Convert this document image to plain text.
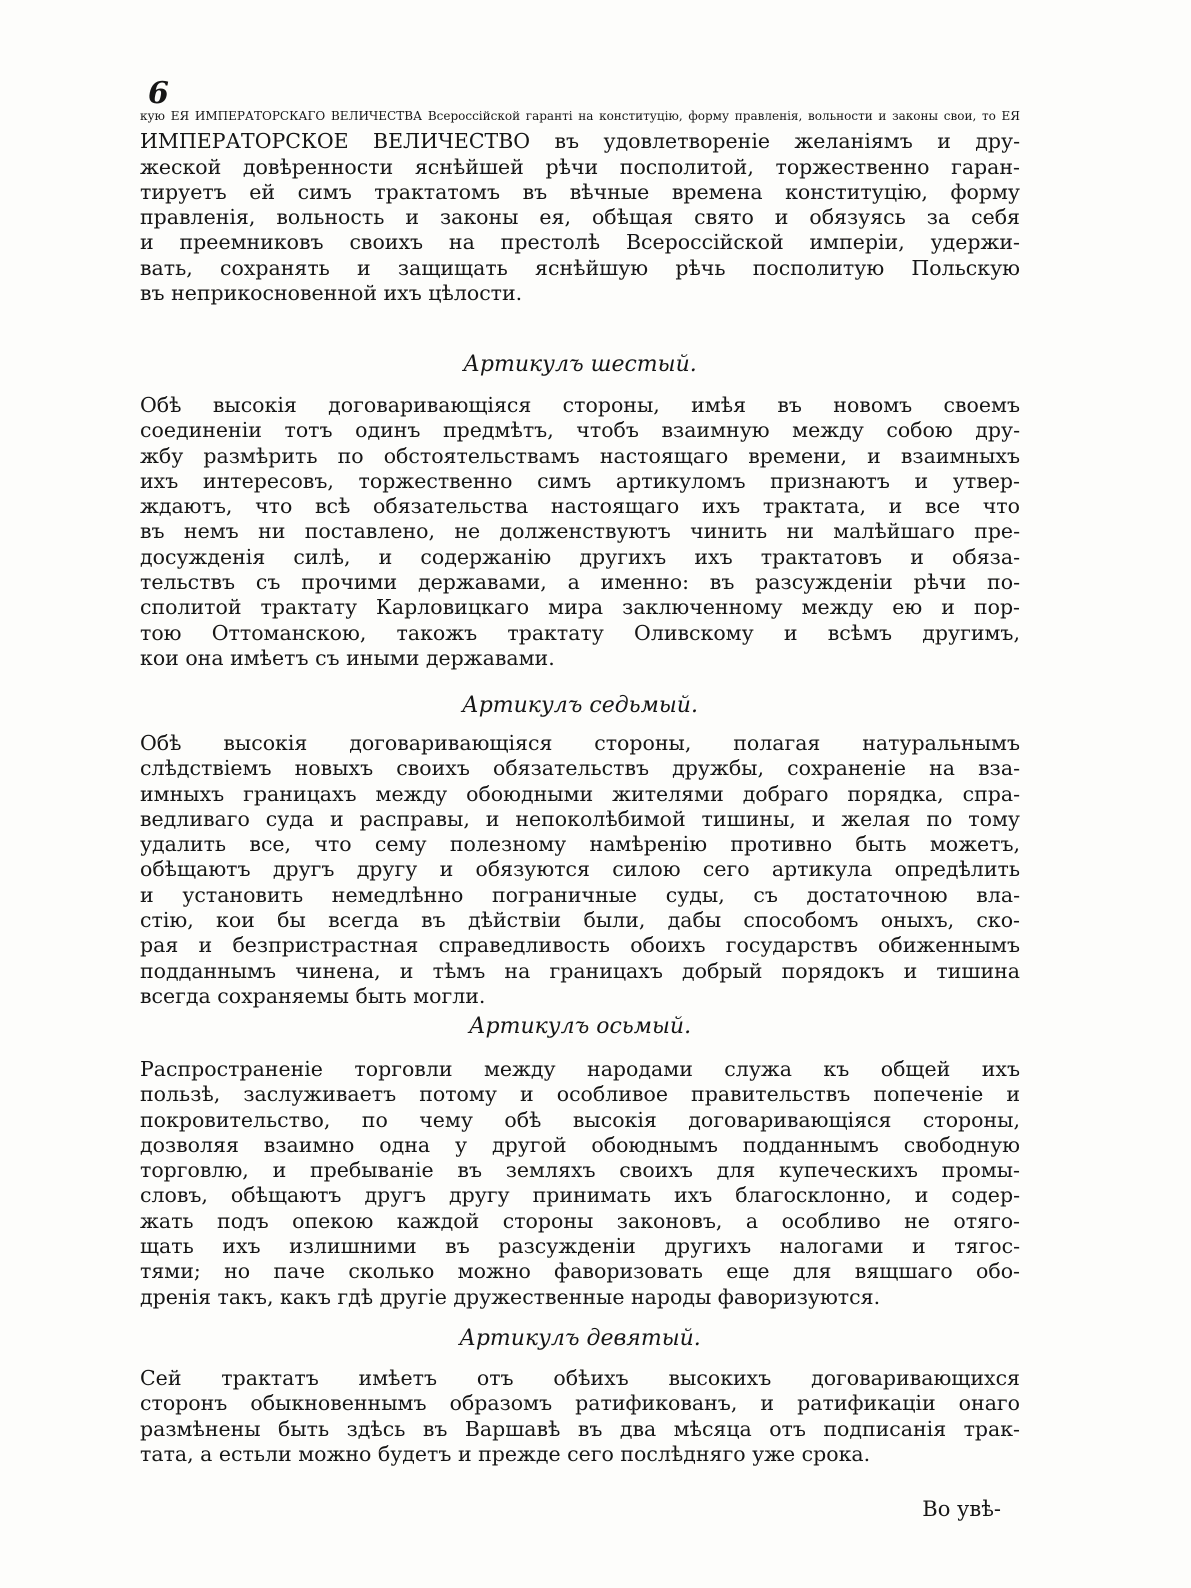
6
кую ЕЯ ИМПЕРАТОРСКАГО ВЕЛИЧЕСТВА Всероссійской гаранті на конституцію, форму правленія, вольности и законы свои, то ЕЯ
ИМПЕРАТОРСКОЕ ВЕЛИЧЕСТВО въ удовлетвореніе желаніямъ и дру-
жеской довѣренности яснѣйшей рѣчи посполитой, торжественно гаран-
тируетъ ей симъ трактатомъ въ вѣчные времена конституцію, форму
правленія, вольность и законы ея, обѣщая свято и обязуясь за себя
и преемниковъ своихъ на престолѣ Всероссійской имперіи, удержи-
вать, сохранять и защищать яснѣйшую рѣчь посполитую Польскую
въ неприкосновенной ихъ цѣлости.
Артикулъ шестый.
Обѣ высокія договаривающіяся стороны, имѣя въ новомъ своемъ
соединеніи тотъ одинъ предмѣтъ, чтобъ взаимную между собою дру-
жбу размѣрить по обстоятельствамъ настоящаго времени, и взаимныхъ
ихъ интересовъ, торжественно симъ артикуломъ признаютъ и утвер-
ждаютъ, что всѣ обязательства настоящаго ихъ трактата, и все что
въ немъ ни поставлено, не долженствуютъ чинить ни малѣйшаго пре-
досужденія силѣ, и содержанію другихъ ихъ трактатовъ и обяза-
тельствъ съ прочими державами, а именно: въ разсужденіи рѣчи по-
сполитой трактату Карловицкаго мира заключенному между ею и пор-
тою Оттоманскою, такожъ трактату Оливскому и всѣмъ другимъ,
кои она имѣетъ съ иными державами.
Артикулъ седьмый.
Обѣ высокія договаривающіяся стороны, полагая натуральнымъ
слѣдствіемъ новыхъ своихъ обязательствъ дружбы, сохраненіе на вза-
имныхъ границахъ между обоюдными жителями добраго порядка, спра-
ведливаго суда и расправы, и непоколѣбимой тишины, и желая по тому
удалить все, что сему полезному намѣренію противно быть можетъ,
обѣщаютъ другъ другу и обязуются силою сего артикула опредѣлить
и установить немедлѣнно пограничные суды, съ достаточною вла-
стію, кои бы всегда въ дѣйствіи были, дабы способомъ оныхъ, ско-
рая и безпристрастная справедливость обоихъ государствъ обиженнымъ
подданнымъ чинена, и тѣмъ на границахъ добрый порядокъ и тишина
всегда сохраняемы быть могли.
Артикулъ осьмый.
Распространеніе торговли между народами служа къ общей ихъ
пользѣ, заслуживаетъ потому и особливое правительствъ попеченіе и
покровительство, по чему обѣ высокія договаривающіяся стороны,
дозволяя взаимно одна у другой обоюднымъ подданнымъ свободную
торговлю, и пребываніе въ земляхъ своихъ для купеческихъ промы-
словъ, обѣщаютъ другъ другу принимать ихъ благосклонно, и содер-
жать подъ опекою каждой стороны законовъ, а особливо не отяго-
щать ихъ излишними въ разсужденіи другихъ налогами и тягос-
тями; но паче сколько можно фаворизовать еще для вящшаго обо-
дренія такъ, какъ гдѣ другіе дружественные народы фаворизуются.
Артикулъ девятый.
Сей трактатъ имѣетъ отъ обѣихъ высокихъ договаривающихся
сторонъ обыкновеннымъ образомъ ратификованъ, и ратификаціи онаго
размѣнены быть здѣсь въ Варшавѣ въ два мѣсяца отъ подписанія трак-
тата, а естьли можно будетъ и прежде сего послѣдняго уже срока.
Во увѣ-
